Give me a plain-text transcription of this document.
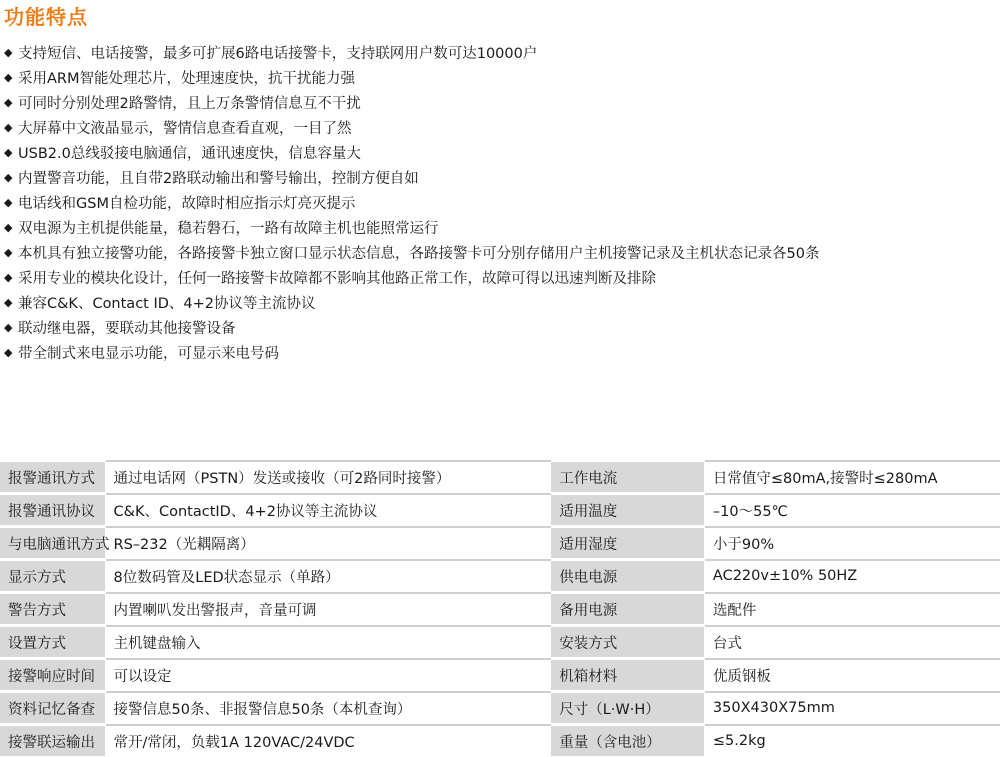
功能特点
◆ 支持短信、电话接警，最多可扩展6路电话接警卡，支持联网用户数可达10000户
◆ 采用ARM智能处理芯片，处理速度快，抗干扰能力强
◆ 可同时分别处理2路警情，且上万条警情信息互不干扰
◆ 大屏幕中文液晶显示，警情信息查看直观，一目了然
◆ USB2.0总线驳接电脑通信，通讯速度快，信息容量大
◆ 内置警音功能，且自带2路联动输出和警号输出，控制方便自如
◆ 电话线和GSM自检功能，故障时相应指示灯亮灭提示
◆ 双电源为主机提供能量，稳若磐石，一路有故障主机也能照常运行
◆ 本机具有独立接警功能，各路接警卡独立窗口显示状态信息，各路接警卡可分别存储用户主机接警记录及主机状态记录各50条
◆ 采用专业的模块化设计，任何一路接警卡故障都不影响其他路正常工作，故障可得以迅速判断及排除
◆ 兼容C&K、Contact ID、4+2协议等主流协议
◆ 联动继电器，要联动其他接警设备
◆ 带全制式来电显示功能，可显示来电号码
报警通讯方式	通过电话网（PSTN）发送或接收（可2路同时接警）		工作电流	日常值守≤80mA,接警时≤280mA
报警通讯协议	C&K、ContactID、4+2协议等主流协议		适用温度	–10～55℃
与电脑通讯方式	RS–232（光耦隔离）		适用湿度	小于90%
显示方式	8位数码管及LED状态显示（单路）		供电电源	AC220v±10% 50HZ
警告方式	内置喇叭发出警报声，音量可调		备用电源	选配件
设置方式	主机键盘输入		安装方式	台式
接警响应时间	可以设定		机箱材料	优质钢板
资料记忆备查	接警信息50条、非报警信息50条（本机查询）		尺寸（L·W·H）	350X430X75mm
接警联运输出	常开/常闭，负载1A 120VAC/24VDC		重量（含电池）	≤5.2kg
